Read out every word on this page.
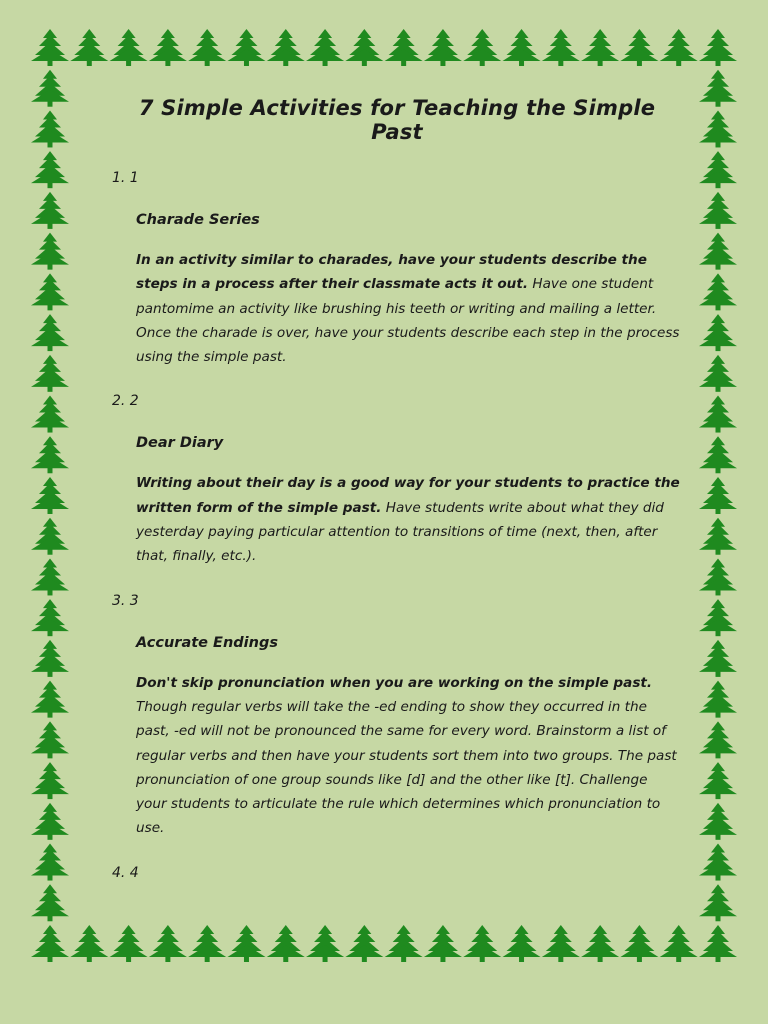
7 Simple Activities for Teaching the Simple Past
1. 1
Charade Series
In an activity similar to charades, have your students describe the steps in a process after their classmate acts it out. Have one student pantomime an activity like brushing his teeth or writing and mailing a letter. Once the charade is over, have your students describe each step in the process using the simple past.
2. 2
Dear Diary
Writing about their day is a good way for your students to practice the written form of the simple past. Have students write about what they did yesterday paying particular attention to transitions of time (next, then, after that, finally, etc.).
3. 3
Accurate Endings
Don't skip pronunciation when you are working on the simple past. Though regular verbs will take the -ed ending to show they occurred in the past, -ed will not be pronounced the same for every word. Brainstorm a list of regular verbs and then have your students sort them into two groups. The past pronunciation of one group sounds like [d] and the other like [t]. Challenge your students to articulate the rule which determines which pronunciation to use.
4. 4
